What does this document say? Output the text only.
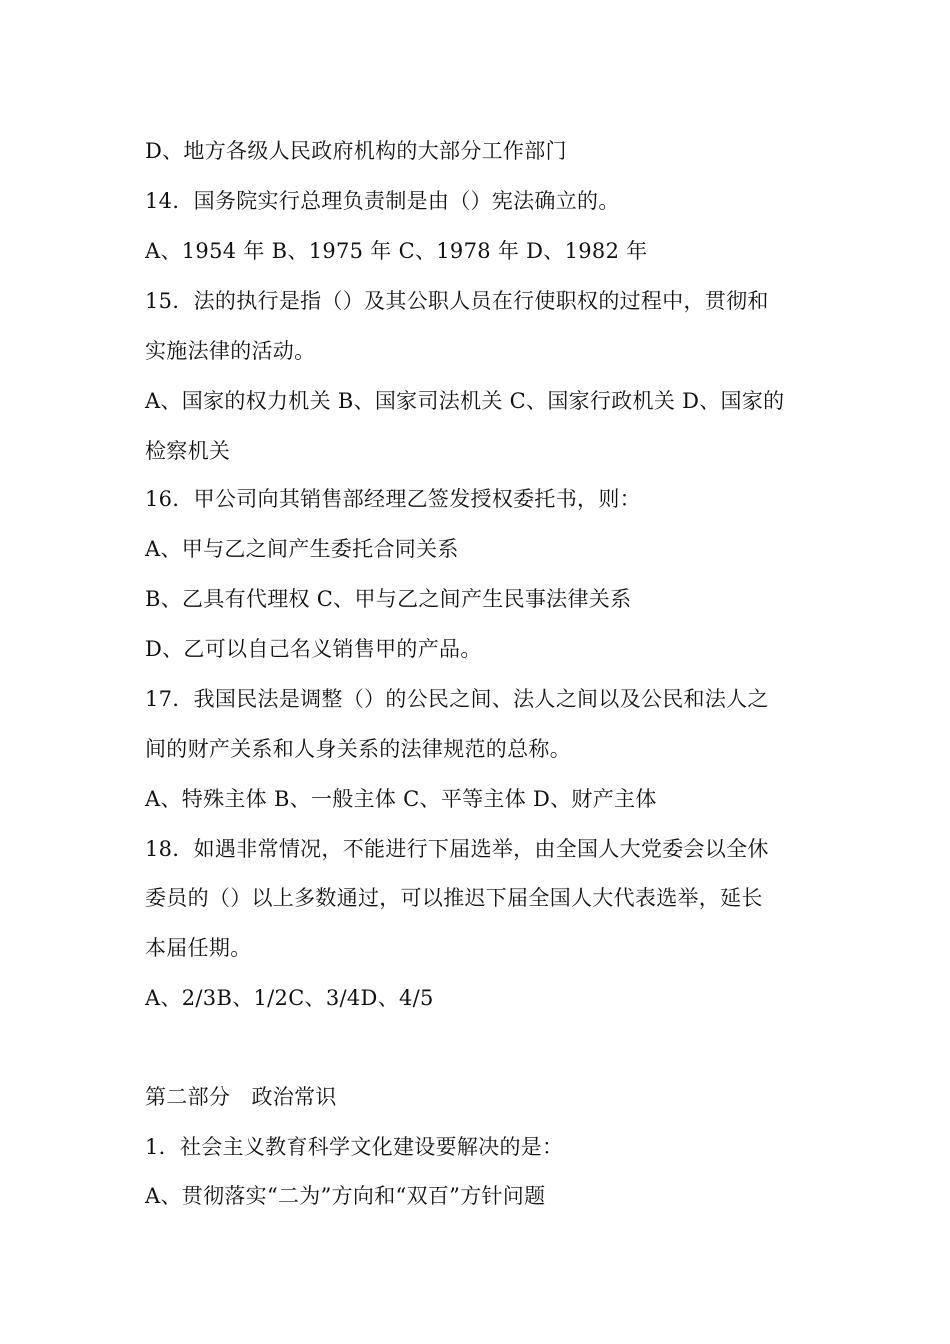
D、地方各级人民政府机构的大部分工作部门
14．国务院实行总理负责制是由（）宪法确立的。
A、1954 年 B、1975 年 C、1978 年 D、1982 年
15．法的执行是指（）及其公职人员在行使职权的过程中，贯彻和
实施法律的活动。
A、国家的权力机关 B、国家司法机关 C、国家行政机关 D、国家的
检察机关
16．甲公司向其销售部经理乙签发授权委托书，则：
A、甲与乙之间产生委托合同关系
B、乙具有代理权 C、甲与乙之间产生民事法律关系
D、乙可以自己名义销售甲的产品。
17．我国民法是调整（）的公民之间、法人之间以及公民和法人之
间的财产关系和人身关系的法律规范的总称。
A、特殊主体 B、一般主体 C、平等主体 D、财产主体
18．如遇非常情况，不能进行下届选举，由全国人大党委会以全休
委员的（）以上多数通过，可以推迟下届全国人大代表选举，延长
本届任期。
A、2/3B、1/2C、3/4D、4/5
第二部分　政治常识
1．社会主义教育科学文化建设要解决的是：
A、贯彻落实“二为”方向和“双百”方针问题
